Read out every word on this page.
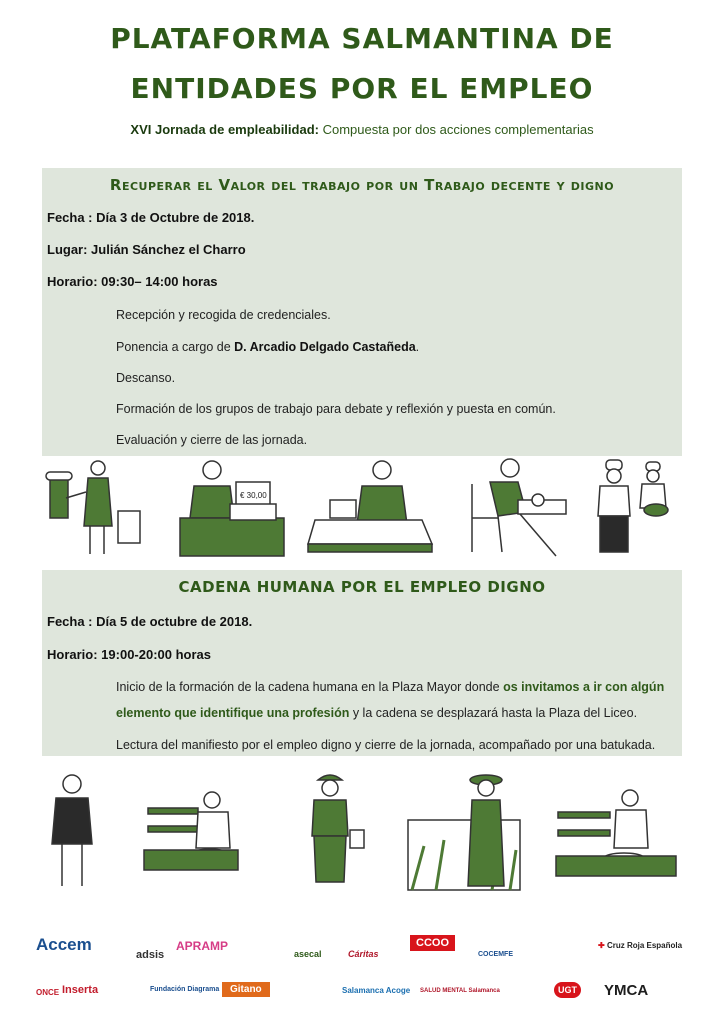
PLATAFORMA SALMANTINA DE
ENTIDADES POR EL EMPLEO
XVI Jornada de empleabilidad: Compuesta por dos acciones complementarias
Recuperar el Valor del trabajo por un Trabajo decente y digno
Fecha : Día 3 de Octubre de 2018.
Lugar: Julián Sánchez el Charro
Horario: 09:30– 14:00 horas
Recepción y recogida de credenciales.
Ponencia a cargo de D. Arcadio Delgado Castañeda.
Descanso.
Formación de los grupos de trabajo para debate y reflexión y puesta en común.
Evaluación y cierre de las jornada.
€ 30,00
CADENA HUMANA POR EL EMPLEO DIGNO
Fecha : Día 5 de octubre de 2018.
Horario: 19:00-20:00 horas
Inicio de la formación de la cadena humana en la Plaza Mayor donde os invitamos a ir con algún elemento que identifique una profesión y la cadena se desplazará hasta la Plaza del Liceo.
Lectura del manifiesto por el empleo digno y cierre de la jornada, acompañado por una batukada.
Accem
adsis
APRAMP
asecal	Cáritas
CCOO
COCEMFE
✚ Cruz Roja Española
ONCE Inserta	Fundación Diagrama	Gitano	Salamanca Acoge SALUD MENTAL Salamanca	UGT YMCA
